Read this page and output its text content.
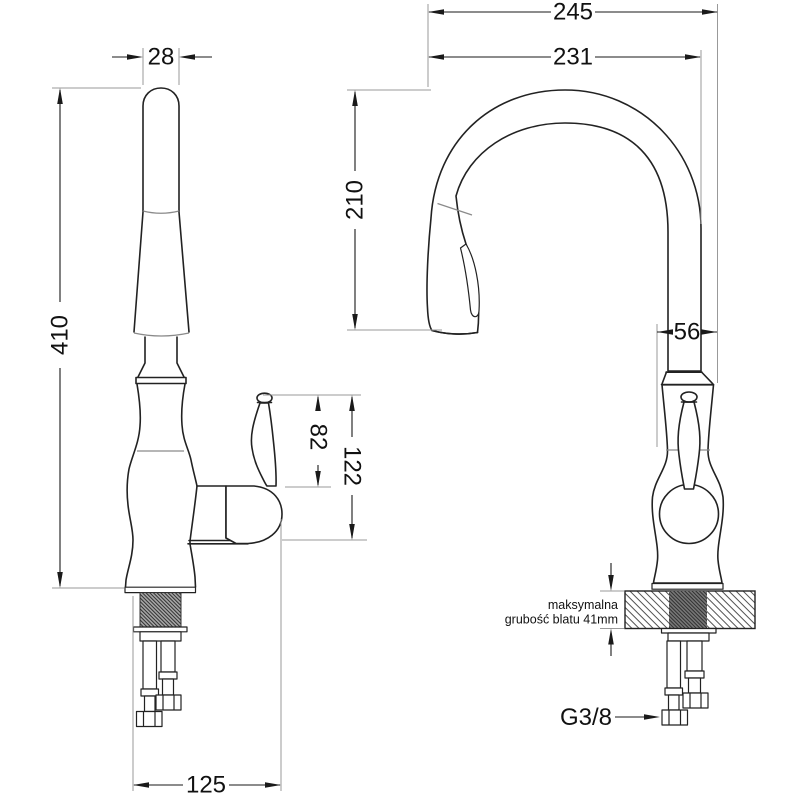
28
245
231
410
210
82
122
56
125
G3/8
maksymalna
grubość blatu 41mm
